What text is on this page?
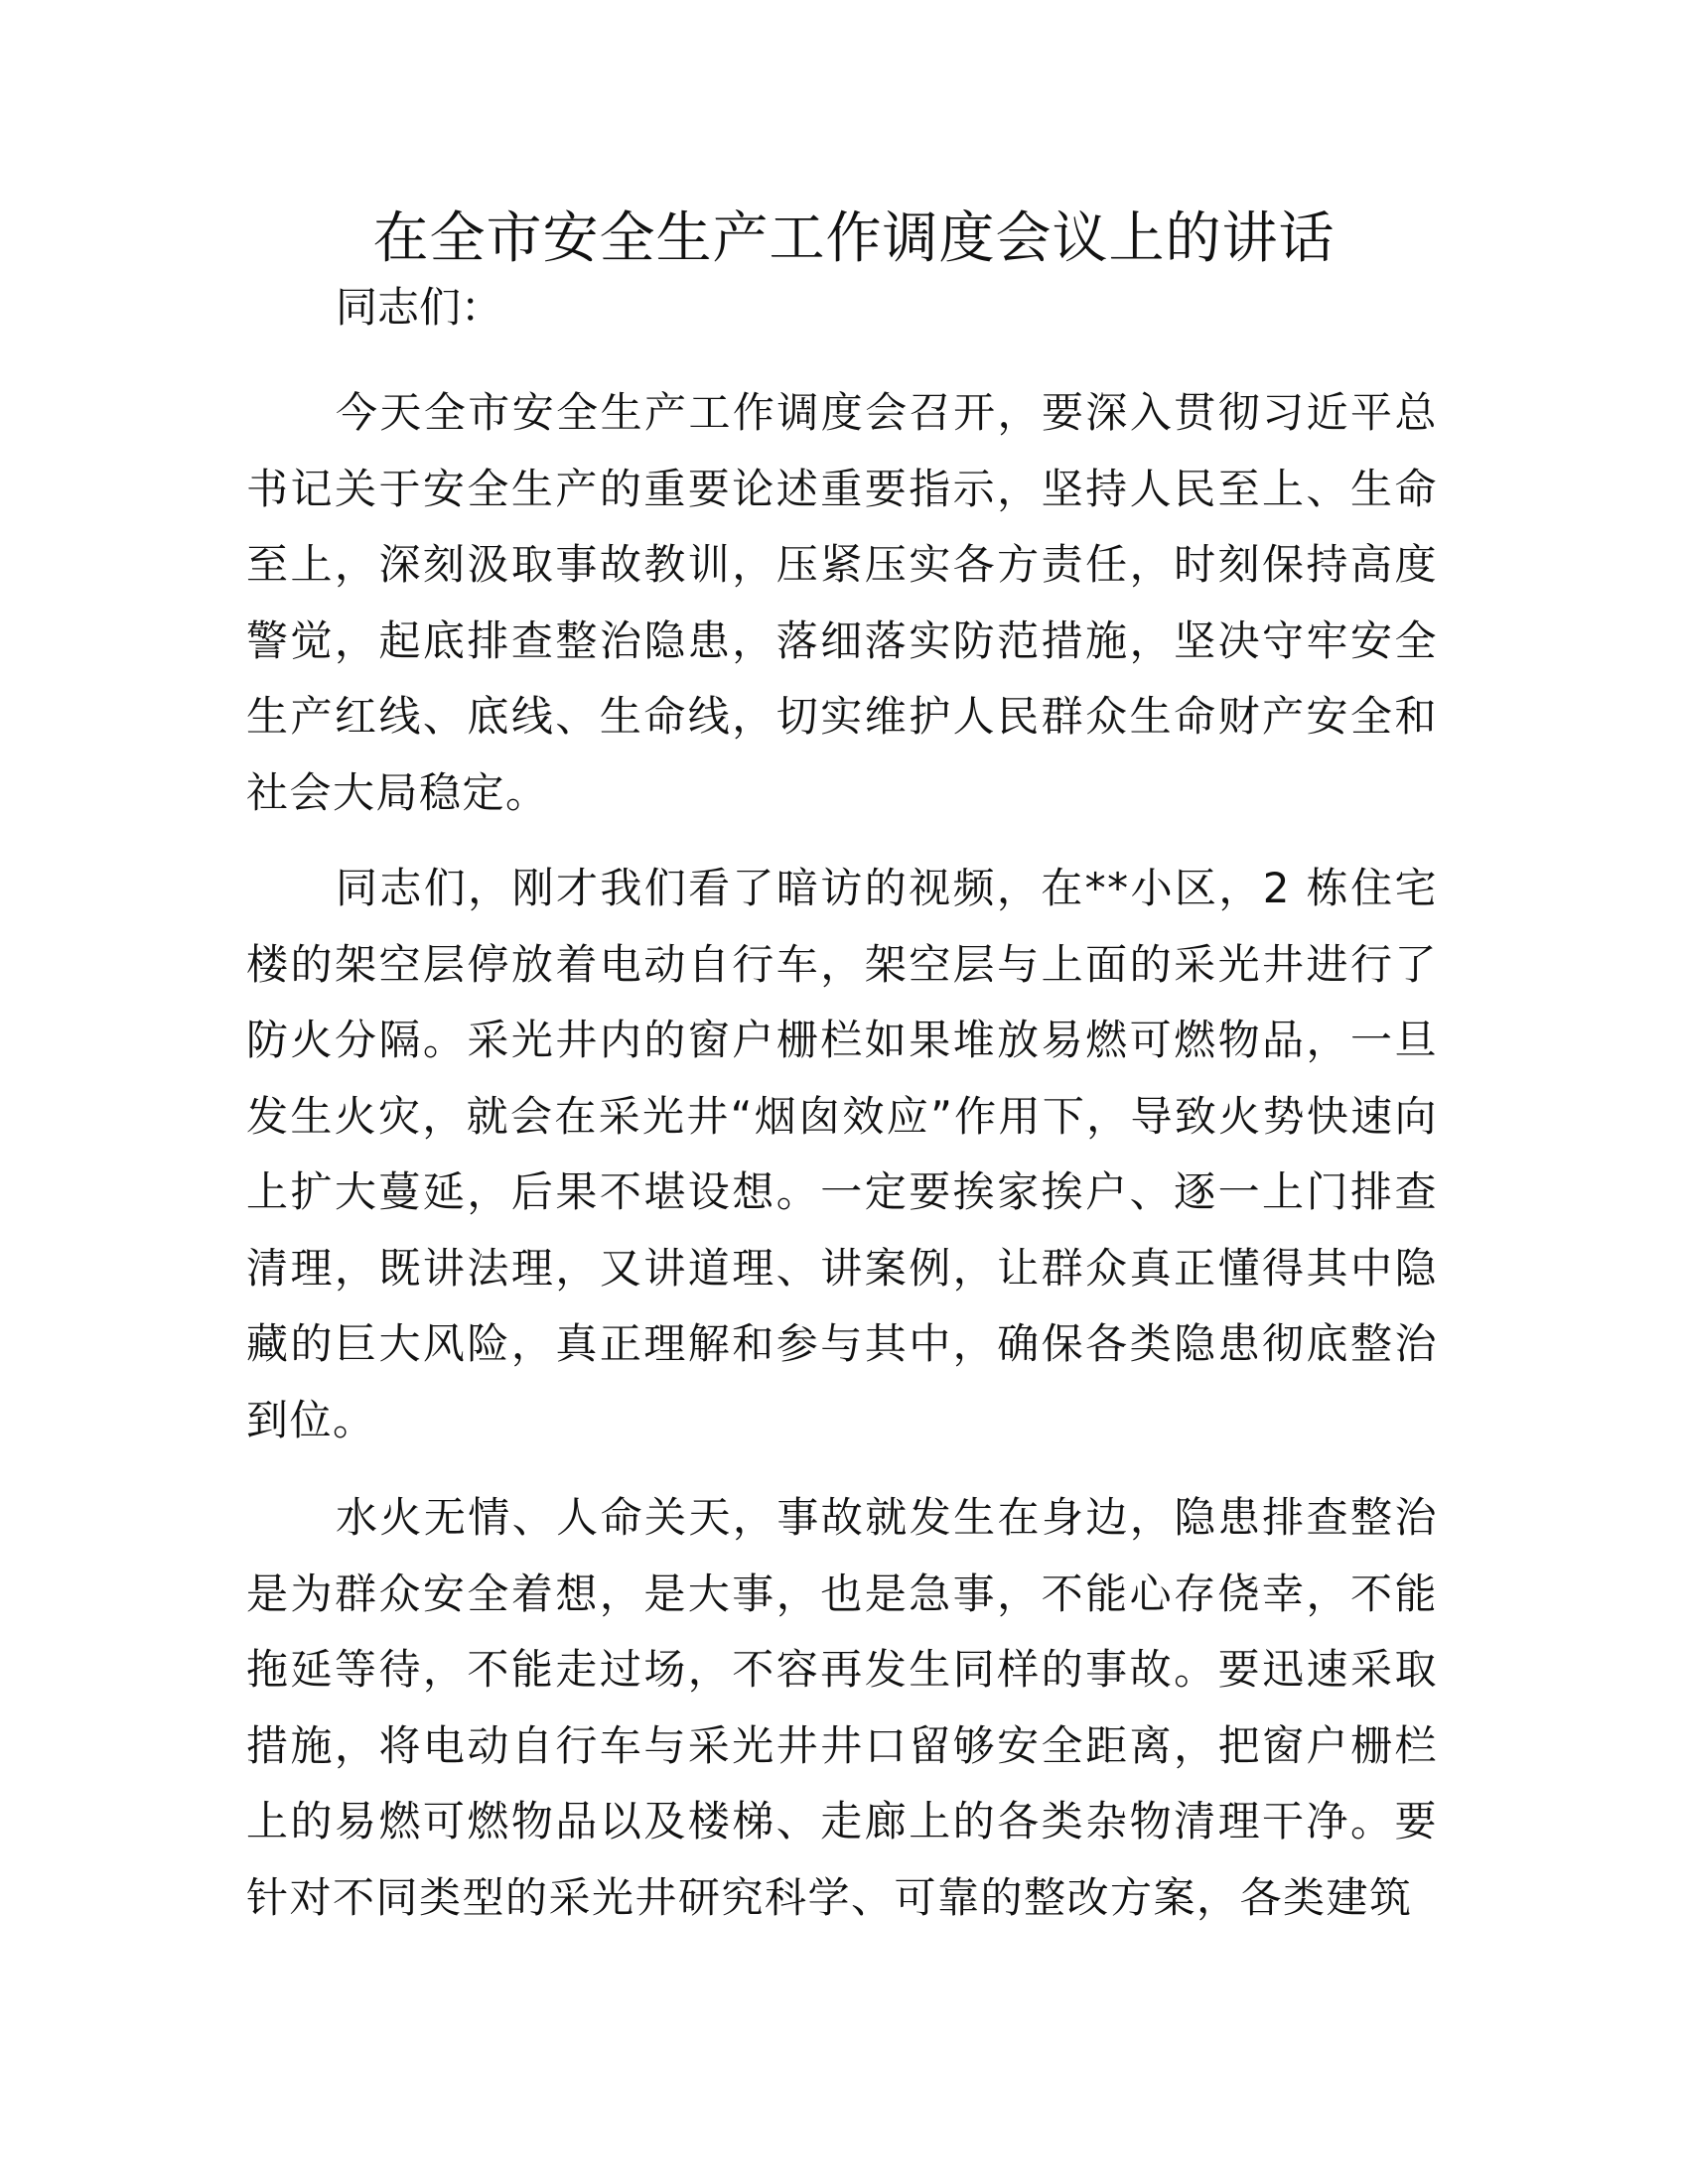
在全市安全生产工作调度会议上的讲话

同志们：

今天全市安全生产工作调度会召开，要深入贯彻习近平总书记关于安全生产的重要论述重要指示，坚持人民至上、生命至上，深刻汲取事故教训，压紧压实各方责任，时刻保持高度警觉，起底排查整治隐患，落细落实防范措施，坚决守牢安全生产红线、底线、生命线，切实维护人民群众生命财产安全和社会大局稳定。

同志们，刚才我们看了暗访的视频，在**小区，2 栋住宅楼的架空层停放着电动自行车，架空层与上面的采光井进行了防火分隔。采光井内的窗户栅栏如果堆放易燃可燃物品，一旦发生火灾，就会在采光井“烟囱效应”作用下，导致火势快速向上扩大蔓延，后果不堪设想。一定要挨家挨户、逐一上门排查清理，既讲法理，又讲道理、讲案例，让群众真正懂得其中隐藏的巨大风险，真正理解和参与其中，确保各类隐患彻底整治到位。

水火无情、人命关天，事故就发生在身边，隐患排查整治是为群众安全着想，是大事，也是急事，不能心存侥幸，不能拖延等待，不能走过场，不容再发生同样的事故。要迅速采取措施，将电动自行车与采光井井口留够安全距离，把窗户栅栏上的易燃可燃物品以及楼梯、走廊上的各类杂物清理干净。要针对不同类型的采光井研究科学、可靠的整改方案，各类建筑
